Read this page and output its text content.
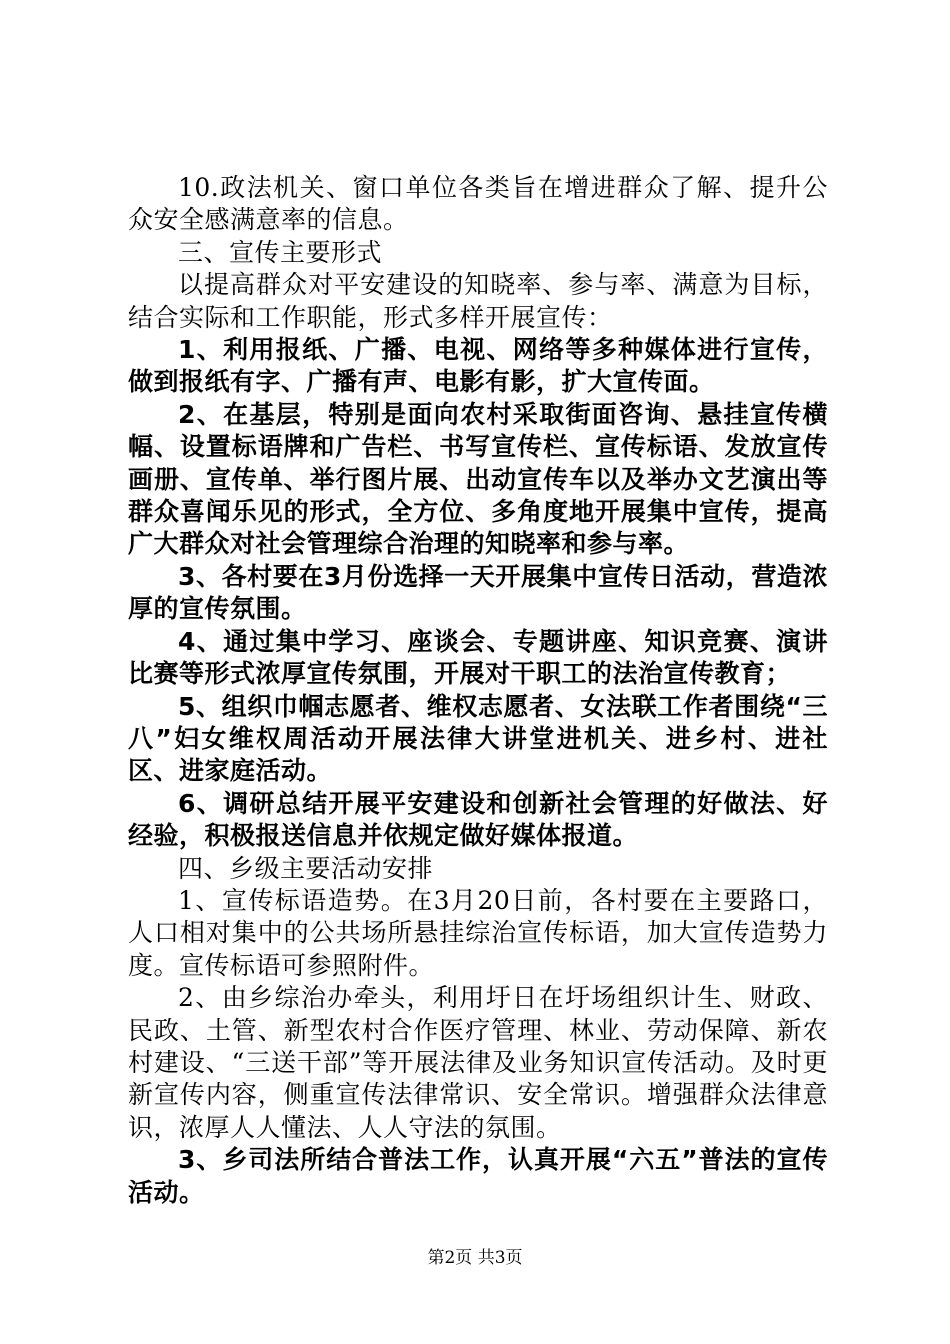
10.政法机关、窗口单位各类旨在增进群众了解、提升公众安全感满意率的信息。

三、宣传主要形式

以提高群众对平安建设的知晓率、参与率、满意为目标，结合实际和工作职能，形式多样开展宣传：

1、利用报纸、广播、电视、网络等多种媒体进行宣传，做到报纸有字、广播有声、电影有影，扩大宣传面。

2、在基层，特别是面向农村采取街面咨询、悬挂宣传横幅、设置标语牌和广告栏、书写宣传栏、宣传标语、发放宣传画册、宣传单、举行图片展、出动宣传车以及举办文艺演出等群众喜闻乐见的形式，全方位、多角度地开展集中宣传，提高广大群众对社会管理综合治理的知晓率和参与率。

3、各村要在3月份选择一天开展集中宣传日活动，营造浓厚的宣传氛围。

4、通过集中学习、座谈会、专题讲座、知识竞赛、演讲比赛等形式浓厚宣传氛围，开展对干职工的法治宣传教育；

5、组织巾帼志愿者、维权志愿者、女法联工作者围绕“三八”妇女维权周活动开展法律大讲堂进机关、进乡村、进社区、进家庭活动。

6、调研总结开展平安建设和创新社会管理的好做法、好经验，积极报送信息并依规定做好媒体报道。

四、乡级主要活动安排

1、宣传标语造势。在3月20日前，各村要在主要路口，人口相对集中的公共场所悬挂综治宣传标语，加大宣传造势力度。宣传标语可参照附件。

2、由乡综治办牵头，利用圩日在圩场组织计生、财政、民政、土管、新型农村合作医疗管理、林业、劳动保障、新农村建设、“三送干部”等开展法律及业务知识宣传活动。及时更新宣传内容，侧重宣传法律常识、安全常识。增强群众法律意识，浓厚人人懂法、人人守法的氛围。

3、乡司法所结合普法工作，认真开展“六五”普法的宣传活动。

第2页 共3页
